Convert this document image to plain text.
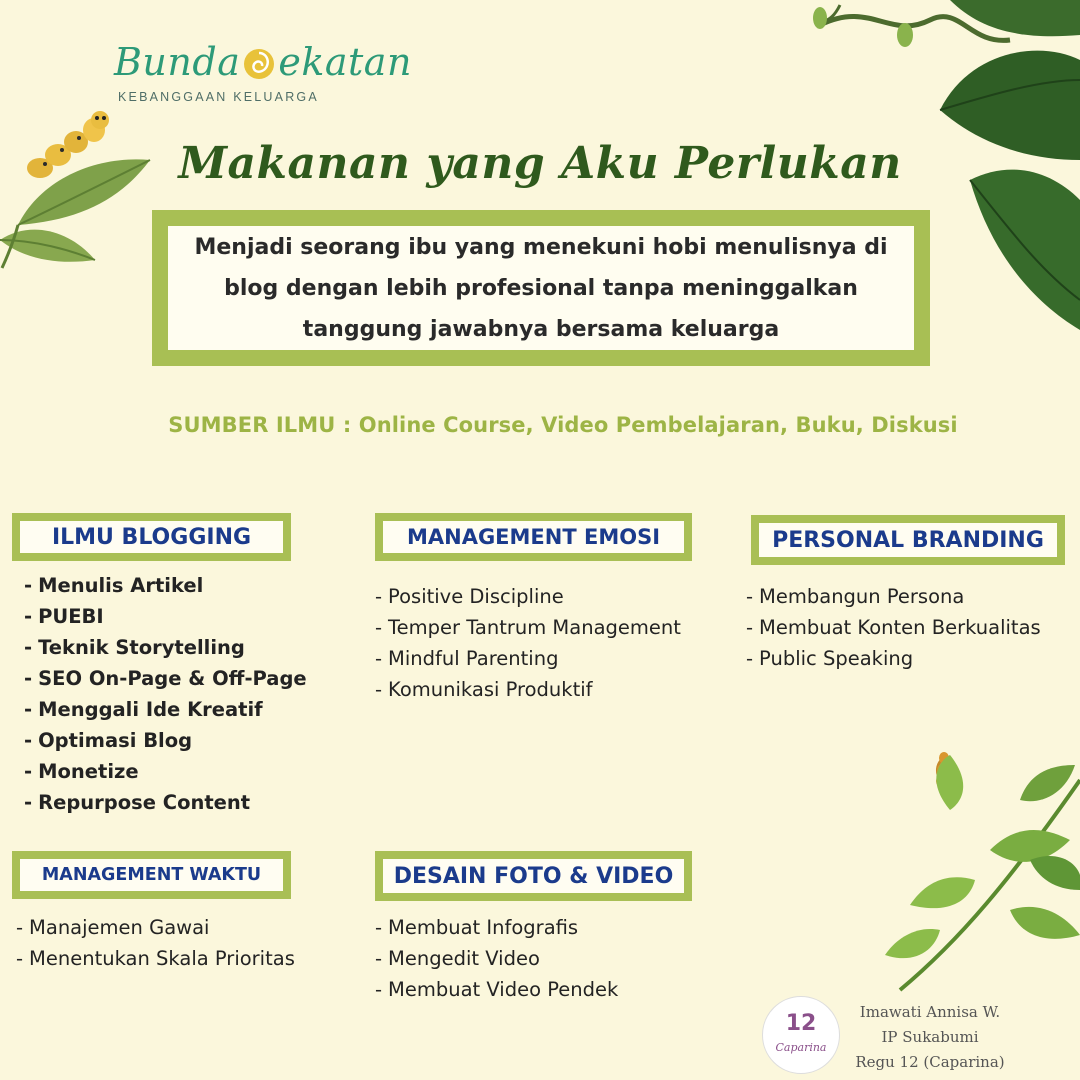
Bunda ekatan
KEBANGGAAN KELUARGA
Makanan yang Aku Perlukan

Menjadi seorang ibu yang menekuni hobi menulisnya di blog dengan lebih profesional tanpa meninggalkan tanggung jawabnya bersama keluarga

SUMBER ILMU : Online Course, Video Pembelajaran, Buku, Diskusi
ILMU BLOGGING
- Menulis Artikel
- PUEBI
- Teknik Storytelling
- SEO On-Page & Off-Page
- Menggali Ide Kreatif
- Optimasi Blog
- Monetize
- Repurpose Content
MANAGEMENT EMOSI
- Positive Discipline
- Temper Tantrum Management
- Mindful Parenting
- Komunikasi Produktif
PERSONAL BRANDING
- Membangun Persona
- Membuat Konten Berkualitas
- Public Speaking
MANAGEMENT WAKTU
- Manajemen Gawai
- Menentukan Skala Prioritas
DESAIN FOTO & VIDEO
- Membuat Infografis
- Mengedit Video
- Membuat Video Pendek
12
Caparina
Imawati Annisa W.
IP Sukabumi
Regu 12 (Caparina)
